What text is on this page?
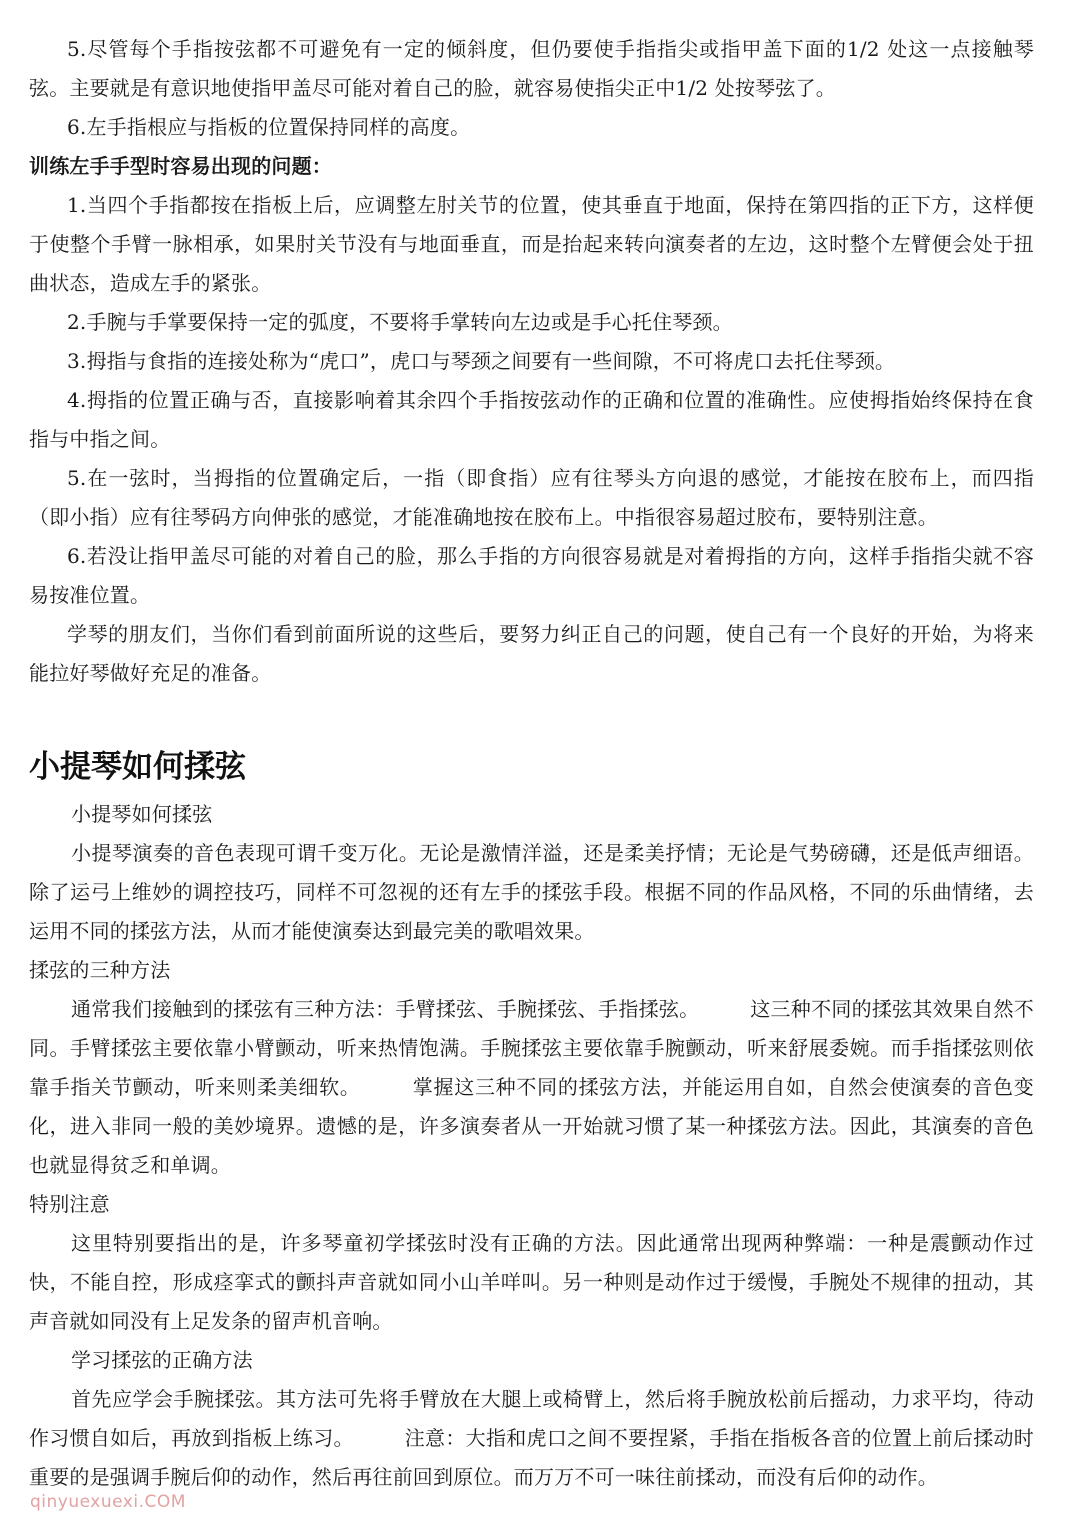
5.尽管每个手指按弦都不可避免有一定的倾斜度，但仍要使手指指尖或指甲盖下面的1/2 处这一点接触琴弦。主要就是有意识地使指甲盖尽可能对着自己的脸，就容易使指尖正中1/2 处按琴弦了。

6.左手指根应与指板的位置保持同样的高度。

训练左手手型时容易出现的问题：

1.当四个手指都按在指板上后，应调整左肘关节的位置，使其垂直于地面，保持在第四指的正下方，这样便于使整个手臂一脉相承，如果肘关节没有与地面垂直，而是抬起来转向演奏者的左边，这时整个左臂便会处于扭曲状态，造成左手的紧张。

2.手腕与手掌要保持一定的弧度，不要将手掌转向左边或是手心托住琴颈。

3.拇指与食指的连接处称为“虎口”，虎口与琴颈之间要有一些间隙，不可将虎口去托住琴颈。

4.拇指的位置正确与否，直接影响着其余四个手指按弦动作的正确和位置的准确性。应使拇指始终保持在食指与中指之间。

5.在一弦时，当拇指的位置确定后，一指（即食指）应有往琴头方向退的感觉，才能按在胶布上，而四指（即小指）应有往琴码方向伸张的感觉，才能准确地按在胶布上。中指很容易超过胶布，要特别注意。

6.若没让指甲盖尽可能的对着自己的脸，那么手指的方向很容易就是对着拇指的方向，这样手指指尖就不容易按准位置。

学琴的朋友们，当你们看到前面所说的这些后，要努力纠正自己的问题，使自己有一个良好的开始，为将来能拉好琴做好充足的准备。

小提琴如何揉弦

小提琴如何揉弦

小提琴演奏的音色表现可谓千变万化。无论是激情洋溢，还是柔美抒情；无论是气势磅礴，还是低声细语。除了运弓上维妙的调控技巧，同样不可忽视的还有左手的揉弦手段。根据不同的作品风格，不同的乐曲情绪，去运用不同的揉弦方法，从而才能使演奏达到最完美的歌唱效果。

揉弦的三种方法

通常我们接触到的揉弦有三种方法：手臂揉弦、手腕揉弦、手指揉弦。　　　这三种不同的揉弦其效果自然不同。手臂揉弦主要依靠小臂颤动，听来热情饱满。手腕揉弦主要依靠手腕颤动，听来舒展委婉。而手指揉弦则依靠手指关节颤动，听来则柔美细软。　　　掌握这三种不同的揉弦方法，并能运用自如，自然会使演奏的音色变化，进入非同一般的美妙境界。遗憾的是，许多演奏者从一开始就习惯了某一种揉弦方法。因此，其演奏的音色也就显得贫乏和单调。

特别注意

这里特别要指出的是，许多琴童初学揉弦时没有正确的方法。因此通常出现两种弊端：一种是震颤动作过快，不能自控，形成痉挛式的颤抖声音就如同小山羊咩叫。另一种则是动作过于缓慢，手腕处不规律的扭动，其声音就如同没有上足发条的留声机音响。

学习揉弦的正确方法

首先应学会手腕揉弦。其方法可先将手臂放在大腿上或椅臂上，然后将手腕放松前后摇动，力求平均，待动作习惯自如后，再放到指板上练习。　　　注意：大指和虎口之间不要捏紧，手指在指板各音的位置上前后揉动时重要的是强调手腕后仰的动作，然后再往前回到原位。而万万不可一味往前揉动，而没有后仰的动作。

qinyuexuexi.COM
